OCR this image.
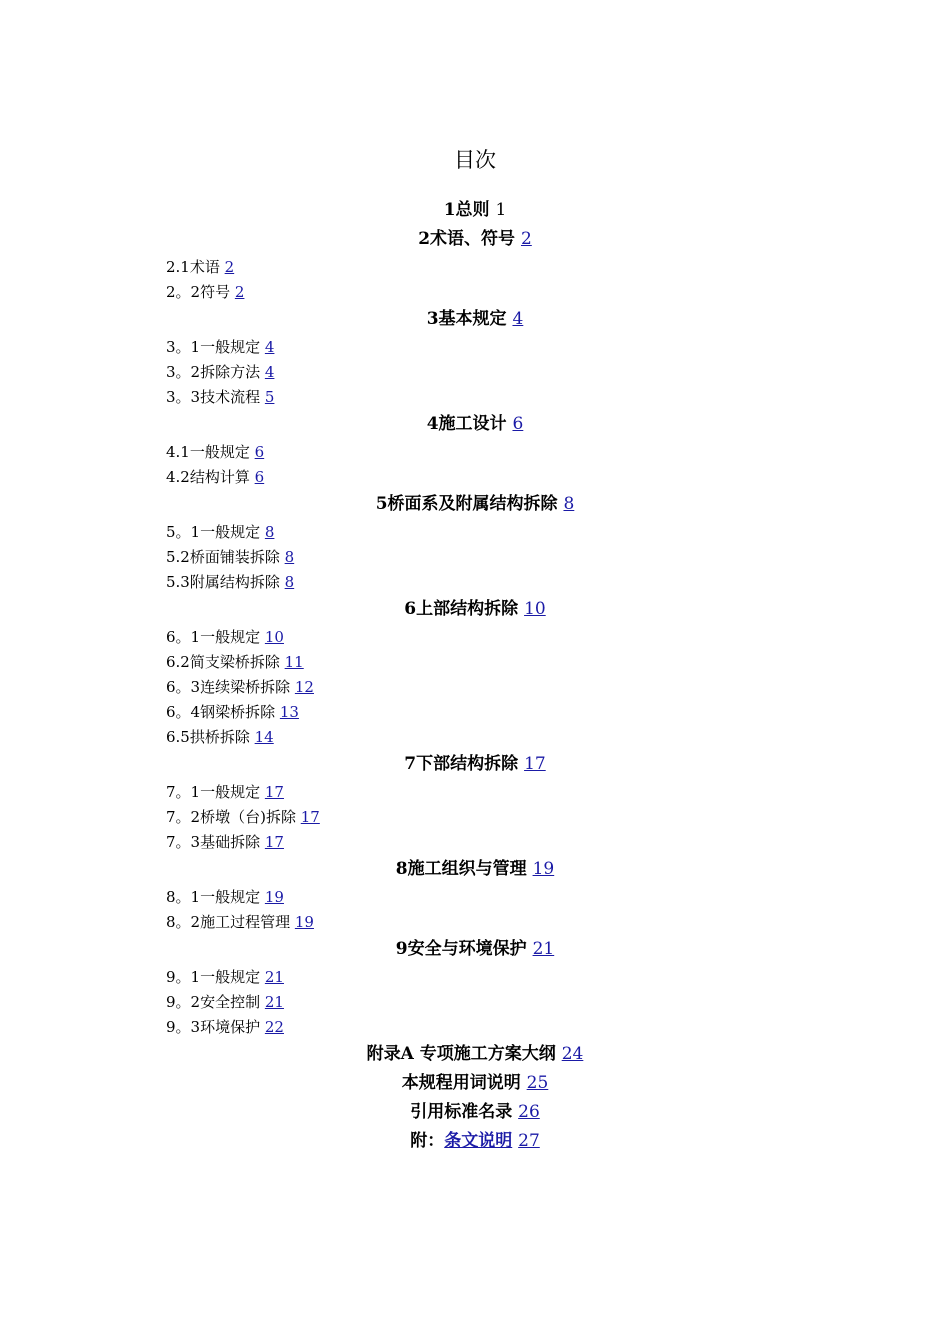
目次
1总则 1
2术语、符号 2
2.1术语 2
2。2符号 2
3基本规定 4
3。1一般规定 4
3。2拆除方法 4
3。3技术流程 5
4施工设计 6
4.1一般规定 6
4.2结构计算 6
5桥面系及附属结构拆除 8
5。1一般规定 8
5.2桥面铺装拆除 8
5.3附属结构拆除 8
6上部结构拆除 10
6。1一般规定 10
6.2简支梁桥拆除 11
6。3连续梁桥拆除 12
6。4钢梁桥拆除 13
6.5拱桥拆除 14
7下部结构拆除 17
7。1一般规定 17
7。2桥墩（台)拆除 17
7。3基础拆除 17
8施工组织与管理 19
8。1一般规定 19
8。2施工过程管理 19
9安全与环境保护 21
9。1一般规定 21
9。2安全控制 21
9。3环境保护 22
附录A 专项施工方案大纲 24
本规程用词说明 25
引用标准名录 26
附：条文说明 27
